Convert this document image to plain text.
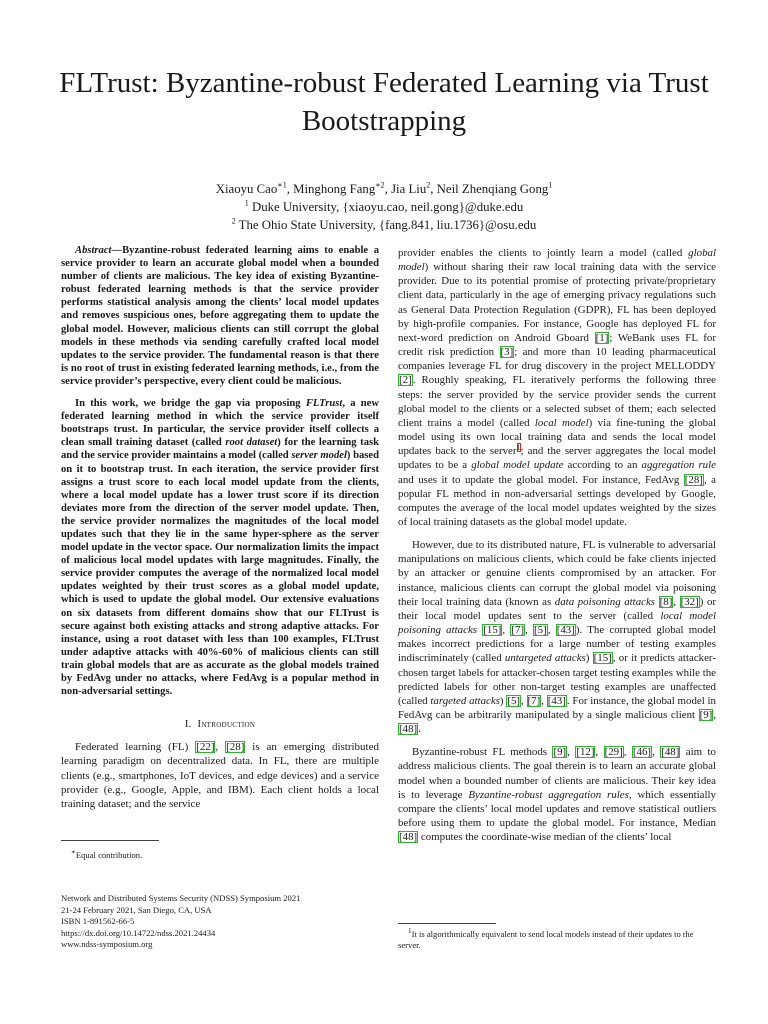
FLTrust: Byzantine-robust Federated Learning via Trust Bootstrapping
Xiaoyu Cao$^{∗1}$, Minghong Fang$^{∗2}$, Jia Liu$^2$, Neil Zhenqiang Gong$^1$
$^1$ Duke University, {xiaoyu.cao, neil.gong}@duke.edu
$^2$ The Ohio State University, {fang.841, liu.1736}@osu.edu

Abstract—Byzantine-robust federated learning aims to enable a service provider to learn an accurate global model when a bounded number of clients are malicious. The key idea of existing Byzantine-robust federated learning methods is that the service provider performs statistical analysis among the clients’ local model updates and removes suspicious ones, before aggregating them to update the global model. However, malicious clients can still corrupt the global models in these methods via sending carefully crafted local model updates to the service provider. The fundamental reason is that there is no root of trust in existing federated learning methods, i.e., from the service provider’s perspective, every client could be malicious.

In this work, we bridge the gap via proposing FLTrust, a new federated learning method in which the service provider itself bootstraps trust. In particular, the service provider itself collects a clean small training dataset (called root dataset) for the learning task and the service provider maintains a model (called server model) based on it to bootstrap trust. In each iteration, the service provider first assigns a trust score to each local model update from the clients, where a local model update has a lower trust score if its direction deviates more from the direction of the server model update. Then, the service provider normalizes the magnitudes of the local model updates such that they lie in the same hyper-sphere as the server model update in the vector space. Our normalization limits the impact of malicious local model updates with large magnitudes. Finally, the service provider computes the average of the normalized local model updates weighted by their trust scores as a global model update, which is used to update the global model. Our extensive evaluations on six datasets from different domains show that our FLTrust is secure against both existing attacks and strong adaptive attacks. For instance, using a root dataset with less than 100 examples, FLTrust under adaptive attacks with 40%-60% of malicious clients can still train global models that are as accurate as the global models trained by FedAvg under no attacks, where FedAvg is a popular method in non-adversarial settings.

I. Introduction

Federated learning (FL) [22], [28] is an emerging distributed learning paradigm on decentralized data. In FL, there are multiple clients (e.g., smartphones, IoT devices, and edge devices) and a service provider (e.g., Google, Apple, and IBM). Each client holds a local training dataset; and the service

∗Equal contribution.
Network and Distributed Systems Security (NDSS) Symposium 2021
21-24 February 2021, San Diego, CA, USA
ISBN 1-891562-66-5
https://dx.doi.org/10.14722/ndss.2021.24434
www.ndss-symposium.org

provider enables the clients to jointly learn a model (called global model) without sharing their raw local training data with the service provider. Due to its potential promise of protecting private/proprietary client data, particularly in the age of emerging privacy regulations such as General Data Protection Regulation (GDPR), FL has been deployed by high-profile companies. For instance, Google has deployed FL for next-word prediction on Android Gboard [1]; WeBank uses FL for credit risk prediction [3]; and more than 10 leading pharmaceutical companies leverage FL for drug discovery in the project MELLODDY [2]. Roughly speaking, FL iteratively performs the following three steps: the server provided by the service provider sends the current global model to the clients or a selected subset of them; each selected client trains a model (called local model) via fine-tuning the global model using its own local training data and sends the local model updates back to the server$^1$; and the server aggregates the local model updates to be a global model update according to an aggregation rule and uses it to update the global model. For instance, FedAvg [28], a popular FL method in non-adversarial settings developed by Google, computes the average of the local model updates weighted by the sizes of local training datasets as the global model update.

However, due to its distributed nature, FL is vulnerable to adversarial manipulations on malicious clients, which could be fake clients injected by an attacker or genuine clients compromised by an attacker. For instance, malicious clients can corrupt the global model via poisoning their local training data (known as data poisoning attacks [8], [32]) or their local model updates sent to the server (called local model poisoning attacks [15], [7], [5], [43]). The corrupted global model makes incorrect predictions for a large number of testing examples indiscriminately (called untargeted attacks) [15], or it predicts attacker-chosen target labels for attacker-chosen target testing examples while the predicted labels for other non-target testing examples are unaffected (called targeted attacks) [5], [7], [43]. For instance, the global model in FedAvg can be arbitrarily manipulated by a single malicious client [9], [48].

Byzantine-robust FL methods [9], [12], [29], [46], [48] aim to address malicious clients. The goal therein is to learn an accurate global model when a bounded number of clients are malicious. Their key idea is to leverage Byzantine-robust aggregation rules, which essentially compare the clients’ local model updates and remove statistical outliers before using them to update the global model. For instance, Median [48] computes the coordinate-wise median of the clients’ local

$^1$It is algorithmically equivalent to send local models instead of their updates to the server.
